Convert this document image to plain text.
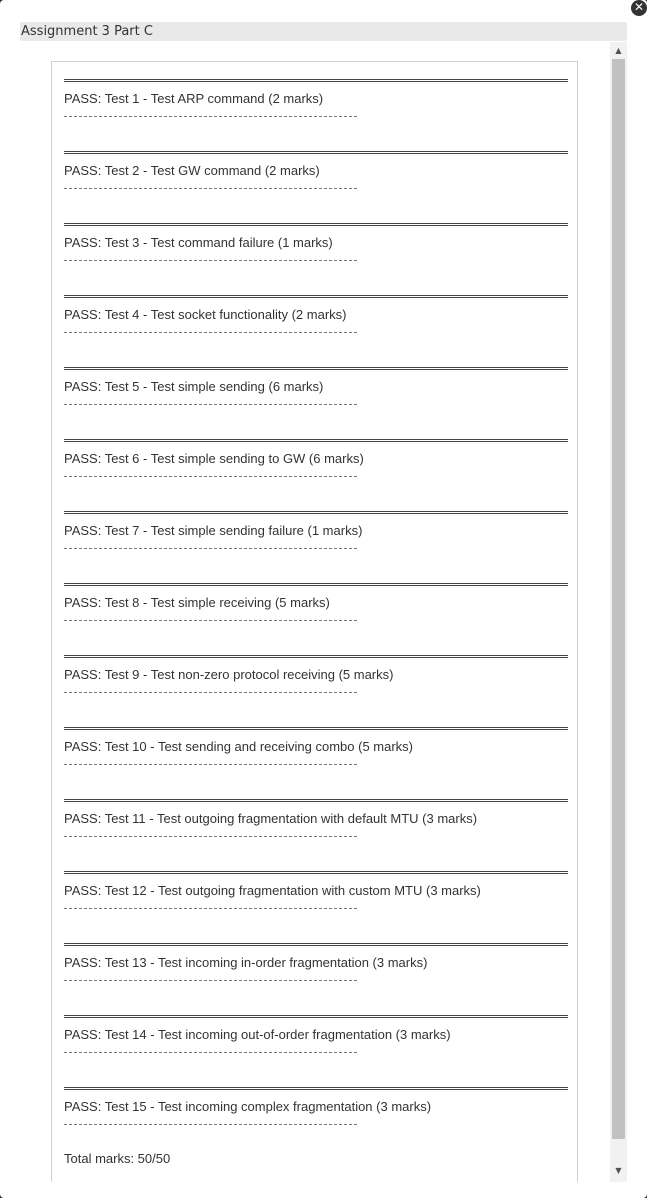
Assignment 3 Part C
✕
PASS: Test 1 - Test ARP command (2 marks)
PASS: Test 2 - Test GW command (2 marks)
PASS: Test 3 - Test command failure (1 marks)
PASS: Test 4 - Test socket functionality (2 marks)
PASS: Test 5 - Test simple sending (6 marks)
PASS: Test 6 - Test simple sending to GW (6 marks)
PASS: Test 7 - Test simple sending failure (1 marks)
PASS: Test 8 - Test simple receiving (5 marks)
PASS: Test 9 - Test non-zero protocol receiving (5 marks)
PASS: Test 10 - Test sending and receiving combo (5 marks)
PASS: Test 11 - Test outgoing fragmentation with default MTU (3 marks)
PASS: Test 12 - Test outgoing fragmentation with custom MTU (3 marks)
PASS: Test 13 - Test incoming in-order fragmentation (3 marks)
PASS: Test 14 - Test incoming out-of-order fragmentation (3 marks)
PASS: Test 15 - Test incoming complex fragmentation (3 marks)
Total marks: 50/50
▲
▼
